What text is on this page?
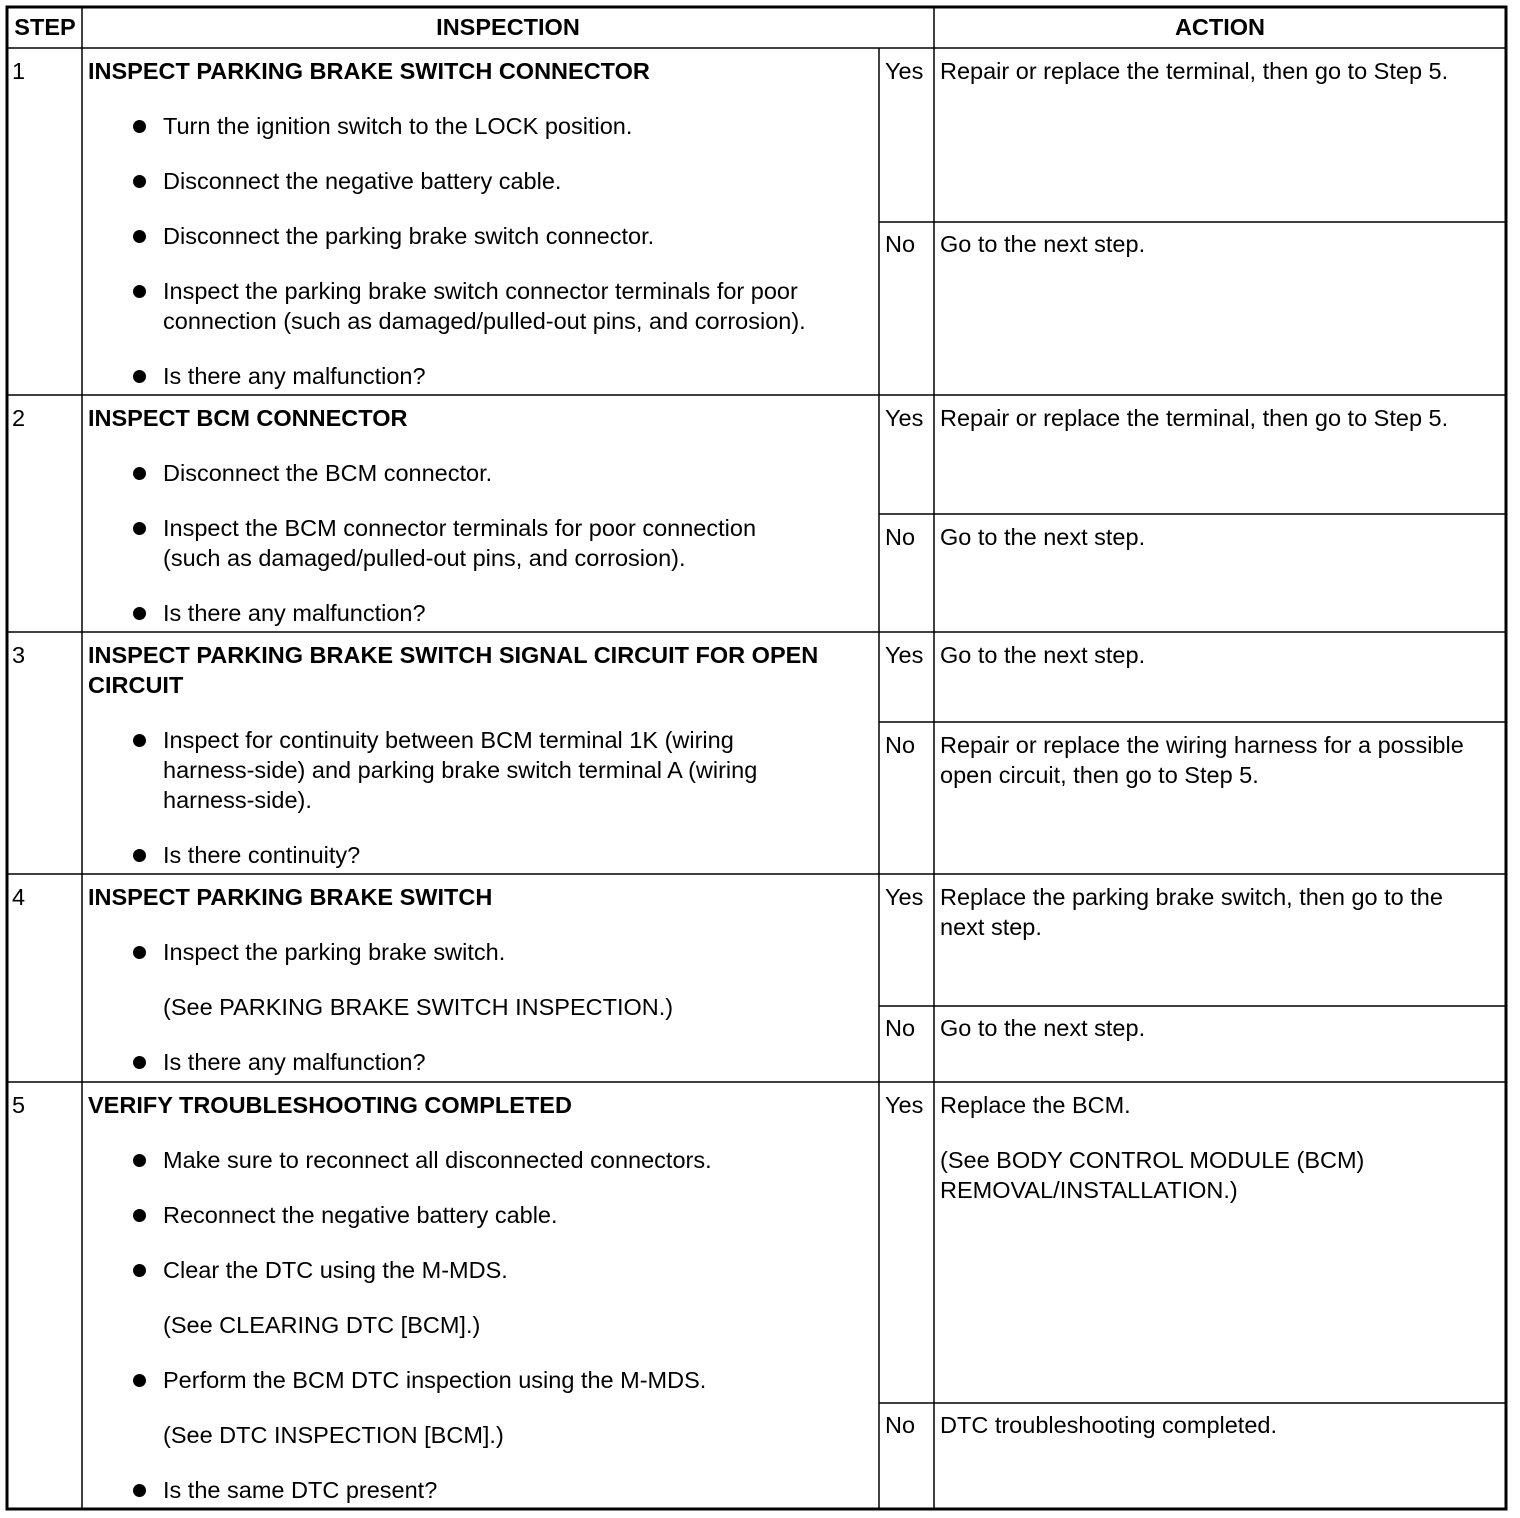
STEP	INSPECTION	ACTION
1	INSPECT PARKING BRAKE SWITCH CONNECTOR
Turn the ignition switch to the LOCK position.
Disconnect the negative battery cable.
Disconnect the parking brake switch connector.
Inspect the parking brake switch connector terminals for poor
connection (such as damaged/pulled-out pins, and corrosion).
Is there any malfunction?
Yes Repair or replace the terminal, then go to Step 5.
No Go to the next step.
2	INSPECT BCM CONNECTOR
Disconnect the BCM connector.
Inspect the BCM connector terminals for poor connection
(such as damaged/pulled-out pins, and corrosion).
Is there any malfunction?
Yes Repair or replace the terminal, then go to Step 5.
No Go to the next step.
3	INSPECT PARKING BRAKE SWITCH SIGNAL CIRCUIT FOR OPEN
CIRCUIT
Inspect for continuity between BCM terminal 1K (wiring
harness-side) and parking brake switch terminal A (wiring
harness-side).
Is there continuity?
Yes Go to the next step.
No Repair or replace the wiring harness for a possible
open circuit, then go to Step 5.
4	INSPECT PARKING BRAKE SWITCH
Inspect the parking brake switch.
(See PARKING BRAKE SWITCH INSPECTION.)
Is there any malfunction?
Yes Replace the parking brake switch, then go to the
next step.
No Go to the next step.
5	VERIFY TROUBLESHOOTING COMPLETED
Make sure to reconnect all disconnected connectors.
Reconnect the negative battery cable.
Clear the DTC using the M-MDS.
(See CLEARING DTC [BCM].)
Perform the BCM DTC inspection using the M-MDS.
(See DTC INSPECTION [BCM].)
Is the same DTC present?
Yes Replace the BCM.
(See BODY CONTROL MODULE (BCM)
REMOVAL/INSTALLATION.)
No DTC troubleshooting completed.
